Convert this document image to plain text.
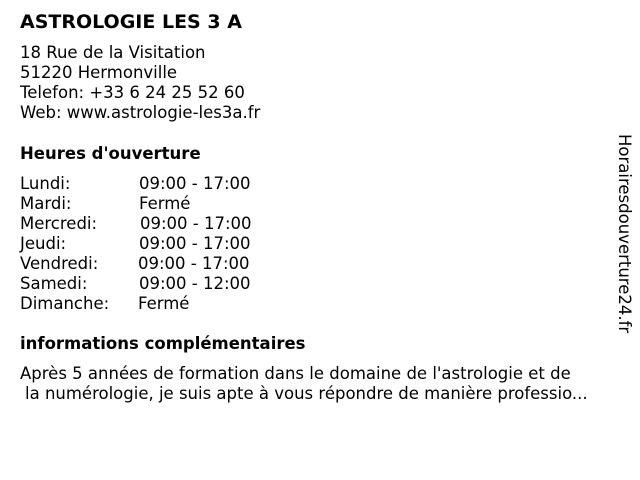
ASTROLOGIE LES 3 A
18 Rue de la Visitation
51220 Hermonville
Telefon: +33 6 24 25 52 60
Web: www.astrologie-les3a.fr
Heures d'ouverture
Lundi:	09:00 - 17:00
Mardi:	Fermé
Mercredi:	09:00 - 17:00
Jeudi:	09:00 - 17:00
Vendredi: 09:00 - 17:00
Samedi:	09:00 - 12:00
Dimanche: Fermé
informations complémentaires
Après 5 années de formation dans le domaine de l'astrologie et de
la numérologie, je suis apte à vous répondre de manière professio...
Horairesdouverture24.fr
